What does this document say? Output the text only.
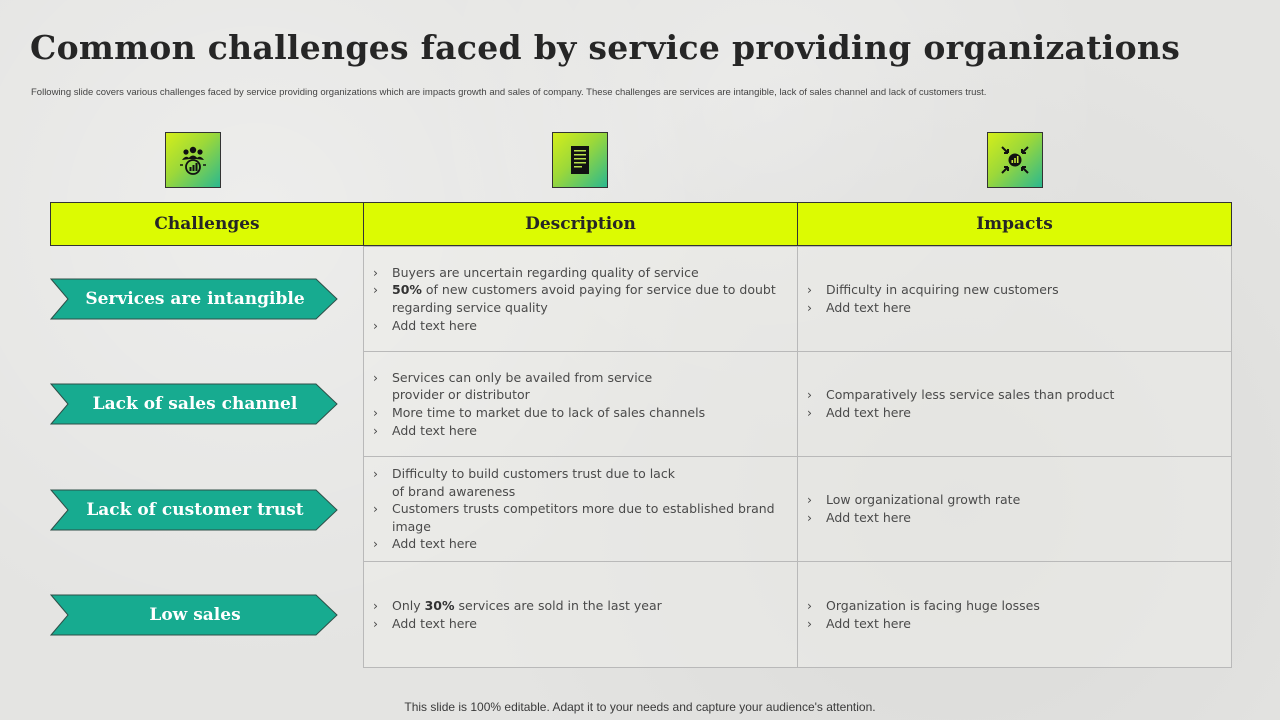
Common challenges faced by service providing organizations
Following slide covers various challenges faced by service providing organizations which are impacts growth and sales of company. These challenges are services are intangible, lack of sales channel and lack of customers trust.
Challenges	Description	Impacts
› Buyers are uncertain regarding quality of service
› 50% of new customers avoid paying for service due to doubt regarding service quality
› Add text here
› Difficulty in acquiring new customers
› Add text here
› Services can only be availed from service provider or distributor
› More time to market due to lack of sales channels
› Add text here
› Comparatively less service sales than product
› Add text here
› Difficulty to build customers trust due to lack of brand awareness
› Customers trusts competitors more due to established brand image
› Add text here
› Low organizational growth rate
› Add text here
› Only 30% services are sold in the last year
› Add text here
› Organization is facing huge losses
› Add text here
Services are intangible
Lack of sales channel
Lack of customer trust
Low sales
This slide is 100% editable. Adapt it to your needs and capture your audience's attention.
